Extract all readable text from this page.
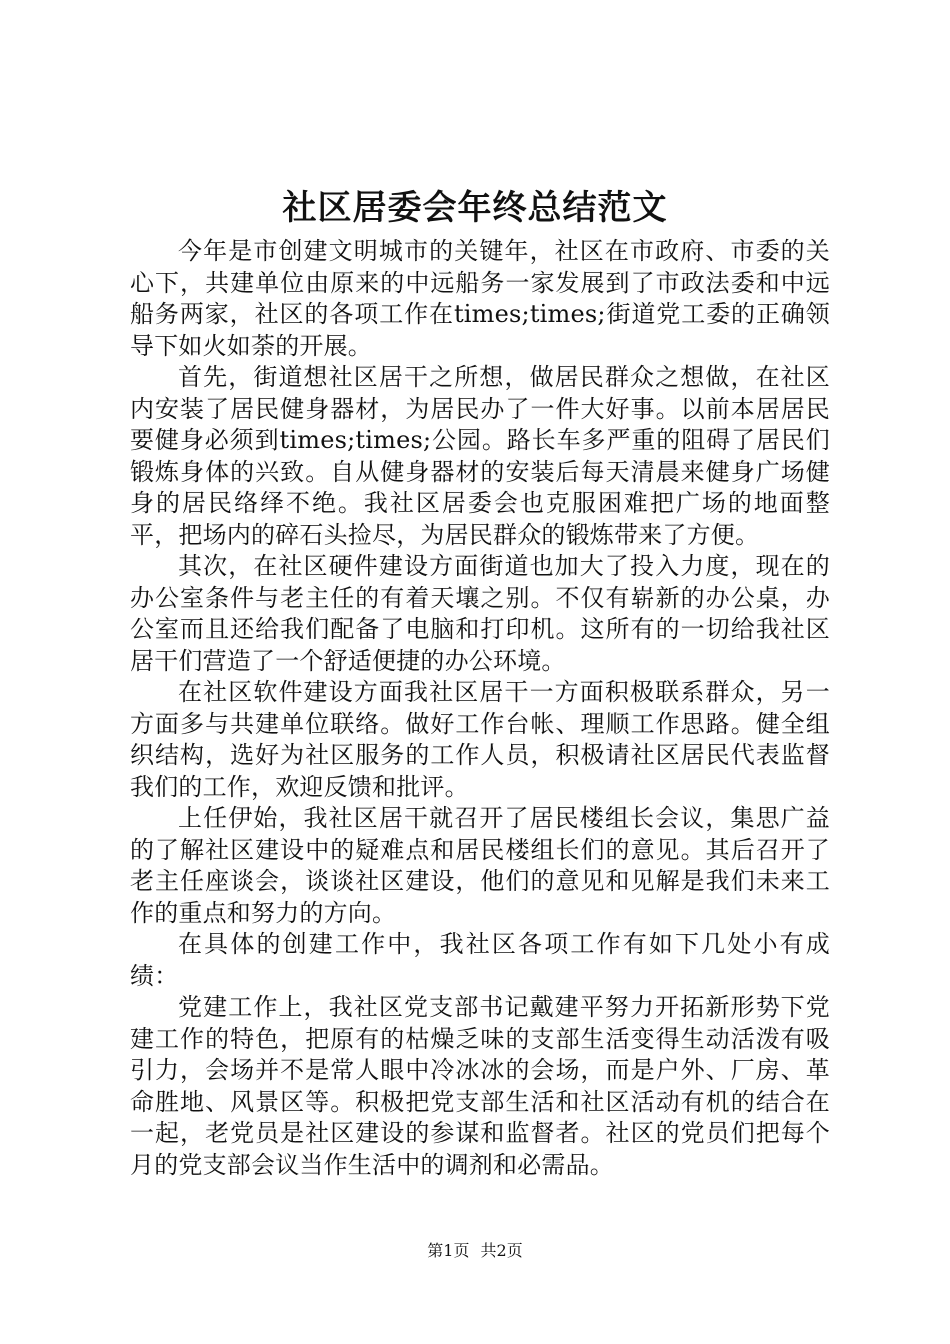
社区居委会年终总结范文

今年是市创建文明城市的关键年，社区在市政府、市委的关心下，共建单位由原来的中远船务一家发展到了市政法委和中远船务两家，社区的各项工作在times;times;街道党工委的正确领导下如火如荼的开展。

首先，街道想社区居干之所想，做居民群众之想做，在社区内安装了居民健身器材，为居民办了一件大好事。以前本居居民要健身必须到times;times;公园。路长车多严重的阻碍了居民们锻炼身体的兴致。自从健身器材的安装后每天清晨来健身广场健身的居民络绎不绝。我社区居委会也克服困难把广场的地面整平，把场内的碎石头捡尽，为居民群众的锻炼带来了方便。

其次，在社区硬件建设方面街道也加大了投入力度，现在的办公室条件与老主任的有着天壤之别。不仅有崭新的办公桌，办公室而且还给我们配备了电脑和打印机。这所有的一切给我社区居干们营造了一个舒适便捷的办公环境。

在社区软件建设方面我社区居干一方面积极联系群众，另一方面多与共建单位联络。做好工作台帐、理顺工作思路。健全组织结构，选好为社区服务的工作人员，积极请社区居民代表监督我们的工作，欢迎反馈和批评。

上任伊始，我社区居干就召开了居民楼组长会议，集思广益的了解社区建设中的疑难点和居民楼组长们的意见。其后召开了老主任座谈会，谈谈社区建设，他们的意见和见解是我们未来工作的重点和努力的方向。

在具体的创建工作中，我社区各项工作有如下几处小有成绩：

党建工作上，我社区党支部书记戴建平努力开拓新形势下党建工作的特色，把原有的枯燥乏味的支部生活变得生动活泼有吸引力，会场并不是常人眼中冷冰冰的会场，而是户外、厂房、革命胜地、风景区等。积极把党支部生活和社区活动有机的结合在一起，老党员是社区建设的参谋和监督者。社区的党员们把每个月的党支部会议当作生活中的调剂和必需品。

第1页 共2页
